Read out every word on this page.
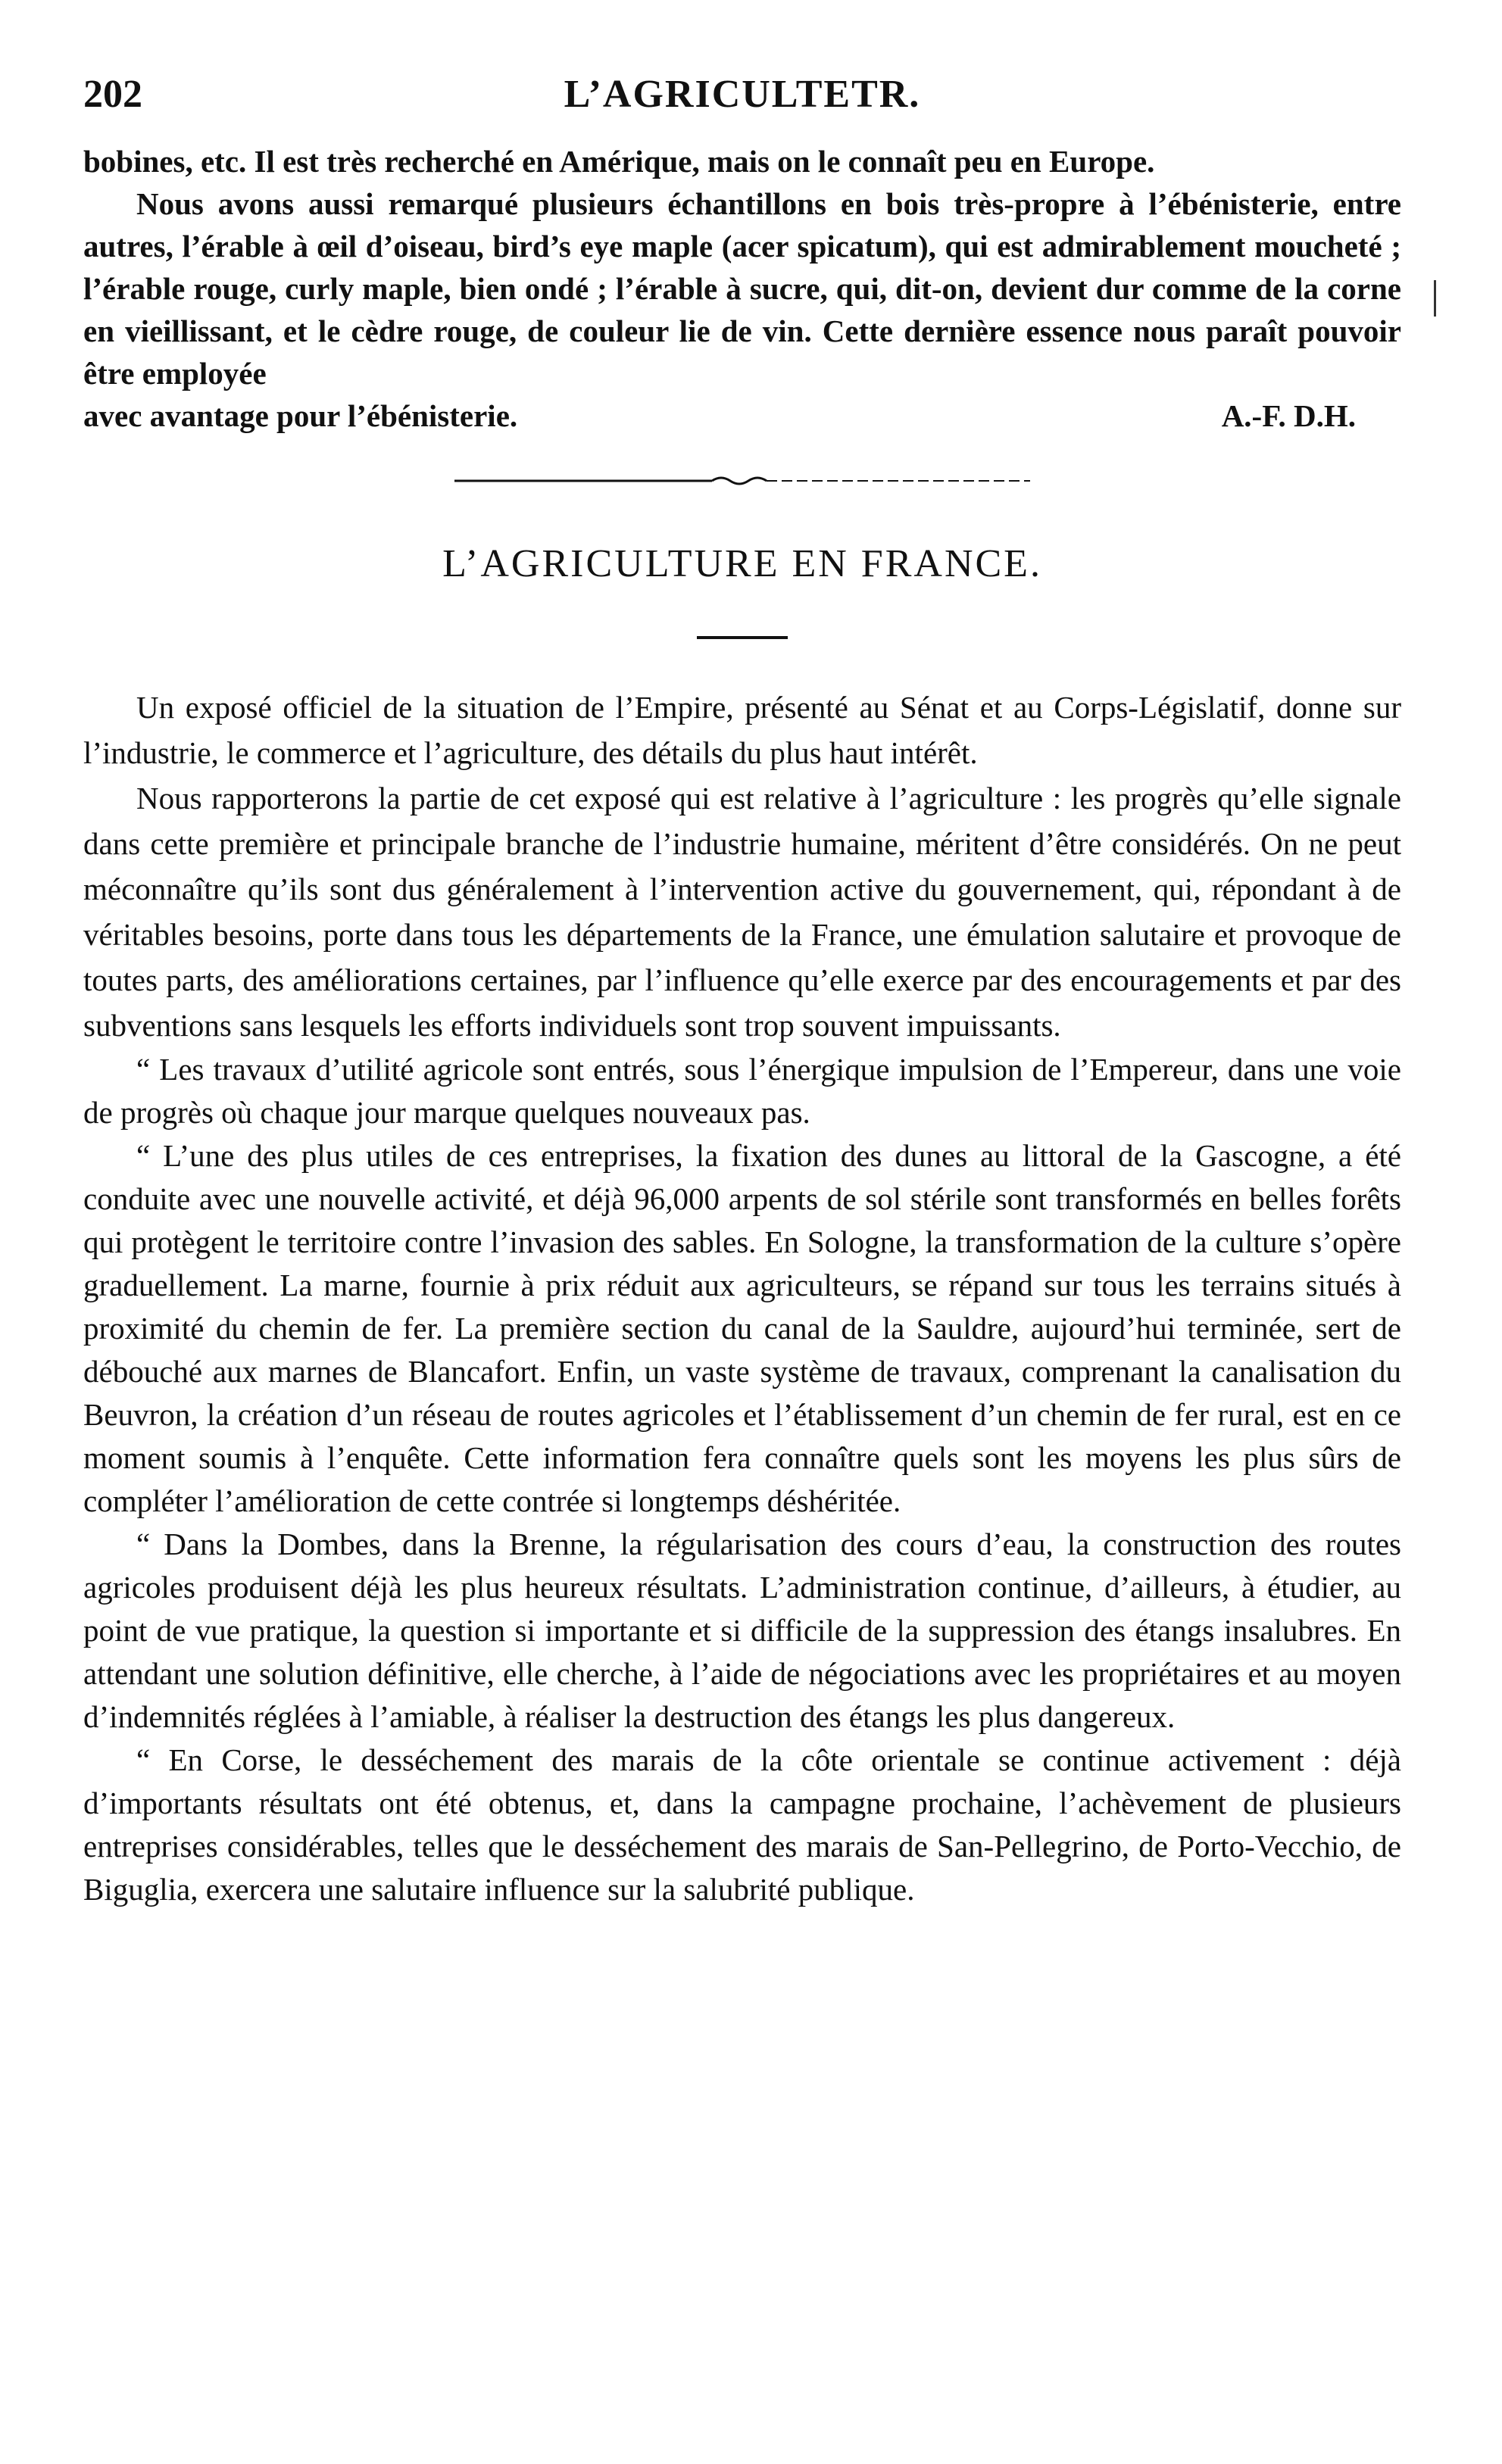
202	L’AGRICULTETR.

bobines, etc. Il est très recherché en Amérique, mais on le connaît peu en Europe.

Nous avons aussi remarqué plusieurs échantillons en bois très-propre à l’ébénisterie, entre autres, l’érable à œil d’oiseau, bird’s eye maple (acer spicatum), qui est admirablement moucheté ; l’érable rouge, curly maple, bien ondé ; l’érable à sucre, qui, dit-on, devient dur comme de la corne en vieillissant, et le cèdre rouge, de couleur lie de vin. Cette dernière essence nous paraît pouvoir être employée

avec avantage pour l’ébénisterie.	A.-F. D.H.
L’AGRICULTURE EN FRANCE.

Un exposé officiel de la situation de l’Empire, présenté au Sénat et au Corps-Législatif, donne sur l’industrie, le commerce et l’agriculture, des détails du plus haut intérêt.

Nous rapporterons la partie de cet exposé qui est relative à l’agriculture : les progrès qu’elle signale dans cette première et principale branche de l’industrie humaine, méritent d’être considérés. On ne peut méconnaître qu’ils sont dus généralement à l’intervention active du gouvernement, qui, répondant à de véritables besoins, porte dans tous les départements de la France, une émulation salutaire et provoque de toutes parts, des améliorations certaines, par l’influence qu’elle exerce par des encouragements et par des subventions sans lesquels les efforts individuels sont trop souvent impuissants.

“ Les travaux d’utilité agricole sont entrés, sous l’énergique impulsion de l’Empereur, dans une voie de progrès où chaque jour marque quelques nouveaux pas.

“ L’une des plus utiles de ces entreprises, la fixation des dunes au littoral de la Gascogne, a été conduite avec une nouvelle activité, et déjà 96,000 arpents de sol stérile sont transformés en belles forêts qui protègent le territoire contre l’invasion des sables. En Sologne, la transformation de la culture s’opère graduellement. La marne, fournie à prix réduit aux agriculteurs, se répand sur tous les terrains situés à proximité du chemin de fer. La première section du canal de la Sauldre, aujourd’hui terminée, sert de débouché aux marnes de Blancafort. Enfin, un vaste système de travaux, comprenant la canalisation du Beuvron, la création d’un réseau de routes agricoles et l’établissement d’un chemin de fer rural, est en ce moment soumis à l’enquête. Cette information fera connaître quels sont les moyens les plus sûrs de compléter l’amélioration de cette contrée si longtemps déshéritée.

“ Dans la Dombes, dans la Brenne, la régularisation des cours d’eau, la construction des routes agricoles produisent déjà les plus heureux résultats. L’administration continue, d’ailleurs, à étudier, au point de vue pratique, la question si importante et si difficile de la suppression des étangs insalubres. En attendant une solution définitive, elle cherche, à l’aide de négociations avec les propriétaires et au moyen d’indemnités réglées à l’amiable, à réaliser la destruction des étangs les plus dangereux.

“ En Corse, le desséchement des marais de la côte orientale se continue activement : déjà d’importants résultats ont été obtenus, et, dans la campagne prochaine, l’achèvement de plusieurs entreprises considérables, telles que le desséchement des marais de San-Pellegrino, de Porto-Vecchio, de Biguglia, exercera une salutaire influence sur la salubrité publique.
